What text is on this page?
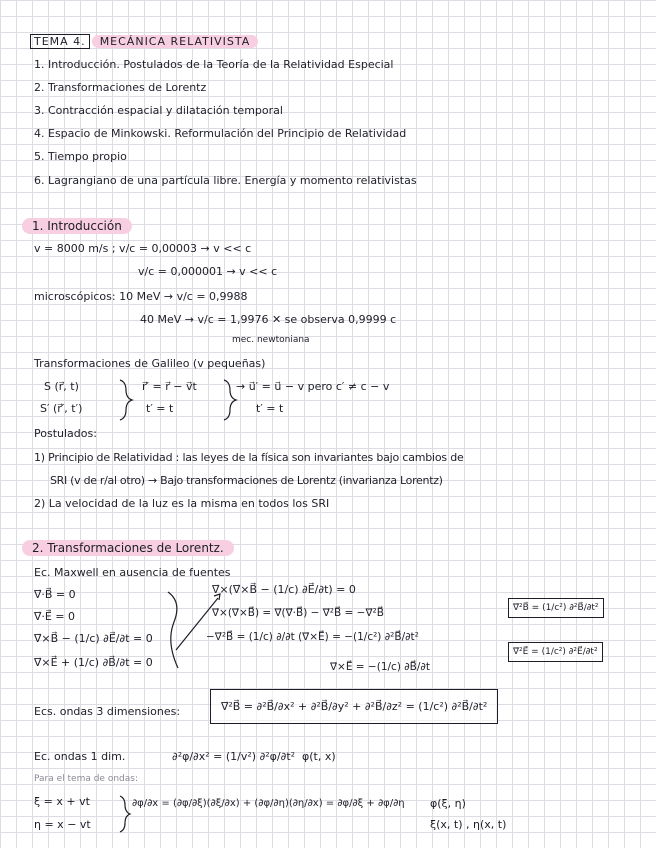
TEMA 4. MECÁNICA RELATIVISTA
1. Introducción. Postulados de la Teoría de la Relatividad Especial
2. Transformaciones de Lorentz
3. Contracción espacial y dilatación temporal
4. Espacio de Minkowski. Reformulación del Principio de Relatividad
5. Tiempo propio
6. Lagrangiano de una partícula libre. Energía y momento relativistas
1. Introducción
v = 8000 m/s ; v/c = 0,00003 → v << c
v/c = 0,000001 → v << c
microscópicos: 10 MeV → v/c = 0,9988
40 MeV → v/c = 1,9976 ✕ se observa 0,9999 c
mec. newtoniana
Transformaciones de Galileo (v pequeñas)
S (r⃗, t)
S′ (r⃗′, t′)
r⃗′ = r⃗ − v⃗t
t′ = t
→ u⃗′ = u⃗ − v pero c′ ≠ c − v
t′ = t
Postulados:
1) Principio de Relatividad : las leyes de la física son invariantes bajo cambios de
SRI (v de r/al otro) → Bajo transformaciones de Lorentz (invarianza Lorentz)
2) La velocidad de la luz es la misma en todos los SRI
2. Transformaciones de Lorentz.
Ec. Maxwell en ausencia de fuentes
∇⃗·B⃗ = 0
∇⃗·E⃗ = 0
∇⃗×B⃗ − (1/c) ∂E⃗/∂t = 0
∇⃗×E⃗ + (1/c) ∂B⃗/∂t = 0
∇⃗×(∇⃗×B⃗ − (1/c) ∂E⃗/∂t) = 0
∇⃗×(∇⃗×B⃗) = ∇⃗(∇⃗·B⃗) − ∇⃗²B⃗ = −∇⃗²B⃗
−∇⃗²B⃗ = (1/c) ∂/∂t (∇⃗×E⃗) = −(1/c²) ∂²B⃗/∂t²
∇⃗×E⃗ = −(1/c) ∂B⃗/∂t
∇⃗²B⃗ = (1/c²) ∂²B⃗/∂t²
∇⃗²E⃗ = (1/c²) ∂²E⃗/∂t²
Ecs. ondas 3 dimensiones:	∇⃗²B⃗ = ∂²B⃗/∂x² + ∂²B⃗/∂y² + ∂²B⃗/∂z² = (1/c²) ∂²B⃗/∂t²
Ec. ondas 1 dim.	∂²φ/∂x² = (1/v²) ∂²φ/∂t² φ(t, x)
Para el tema de ondas:
ξ = x + vt
η = x − vt
∂φ/∂x = (∂φ/∂ξ)(∂ξ/∂x) + (∂φ/∂η)(∂η/∂x) = ∂φ/∂ξ + ∂φ/∂η φ(ξ, η)
ξ(x, t) , η(x, t)
